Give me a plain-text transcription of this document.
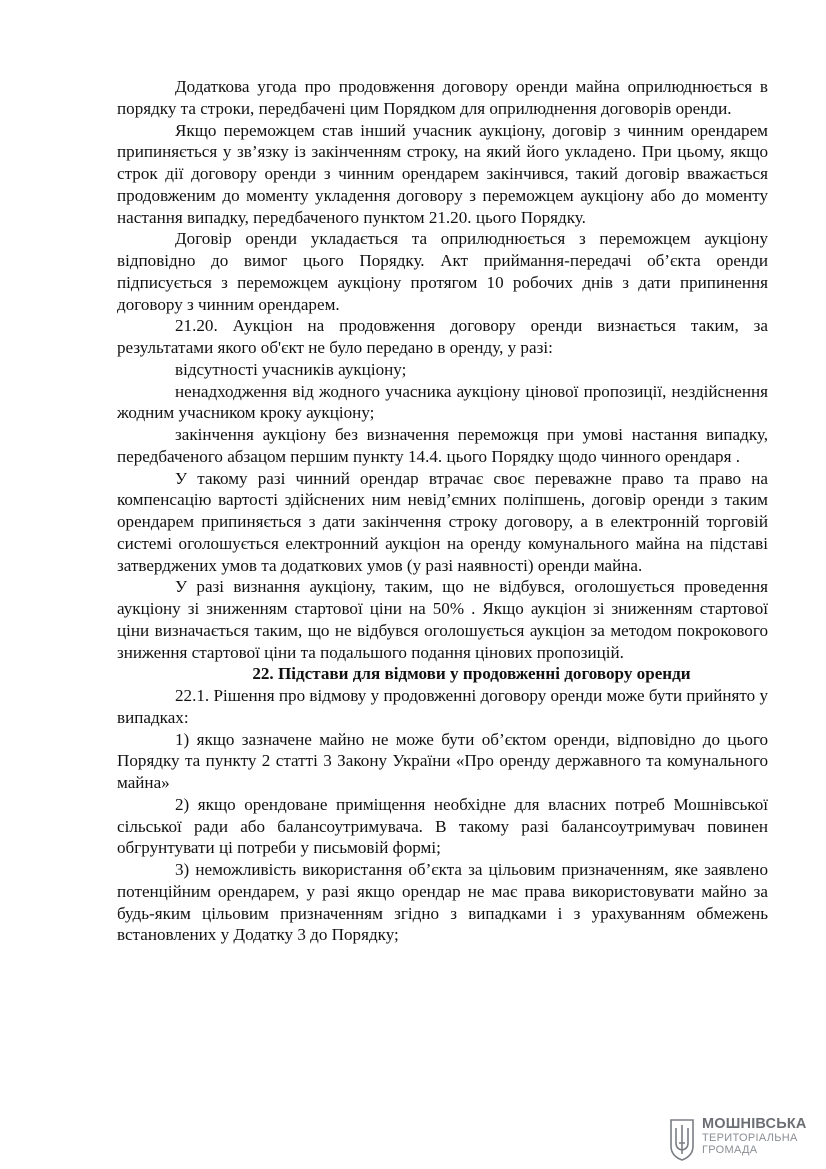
Додаткова угода про продовження договору оренди майна оприлюднюється в порядку та строки, передбачені цим Порядком для оприлюднення договорів оренди.

Якщо переможцем став інший учасник аукціону, договір з чинним орендарем припиняється у зв’язку із закінченням строку, на який його укладено. При цьому, якщо строк дії договору оренди з чинним орендарем закінчився, такий договір вважається продовженим до моменту укладення договору з переможцем аукціону або до моменту настання випадку, передбаченого пунктом 21.20. цього Порядку.

Договір оренди укладається та оприлюднюється з переможцем аукціону відповідно до вимог цього Порядку. Акт приймання-передачі об’єкта оренди підписується з переможцем аукціону протягом 10 робочих днів з дати припинення договору з чинним орендарем.

21.20. Аукціон на продовження договору оренди визнається таким, за результатами якого об'єкт не було передано в оренду, у разі:

відсутності учасників аукціону;

ненадходження від жодного учасника аукціону цінової пропозиції, нездійснення жодним учасником кроку аукціону;

закінчення аукціону без визначення переможця при умові настання випадку, передбаченого абзацом першим пункту 14.4. цього Порядку щодо чинного орендаря .

У такому разі чинний орендар втрачає своє переважне право та право на компенсацію вартості здійснених ним невід’ємних поліпшень, договір оренди з таким орендарем припиняється з дати закінчення строку договору, а в електронній торговій системі оголошується електронний аукціон на оренду комунального майна на підставі затверджених умов та додаткових умов (у разі наявності) оренди майна.

У разі визнання аукціону, таким, що не відбувся, оголошується проведення аукціону зі зниженням стартової ціни на 50% . Якщо аукціон зі зниженням стартової ціни визначається таким, що не відбувся оголошується аукціон за методом покрокового зниження стартової ціни та подальшого подання цінових пропозицій.

22. Підстави для відмови у продовженні договору оренди

22.1. Рішення про відмову у продовженні договору оренди може бути прийнято у випадках:

1) якщо зазначене майно не може бути об’єктом оренди, відповідно до цього Порядку та пункту 2 статті 3 Закону України «Про оренду державного та комунального майна»

2) якщо орендоване приміщення необхідне для власних потреб Мошнівської сільської ради або балансоутримувача. В такому разі балансоутримувач повинен обгрунтувати ці потреби у письмовій формі;

3) неможливість використання об’єкта за цільовим призначенням, яке заявлено потенційним орендарем, у разі якщо орендар не має права використовувати майно за будь-яким цільовим призначенням згідно з випадками і з урахуванням обмежень встановлених у Додатку 3 до Порядку;

МОШНІВСЬКА
ТЕРИТОРІАЛЬНА
ГРОМАДА
